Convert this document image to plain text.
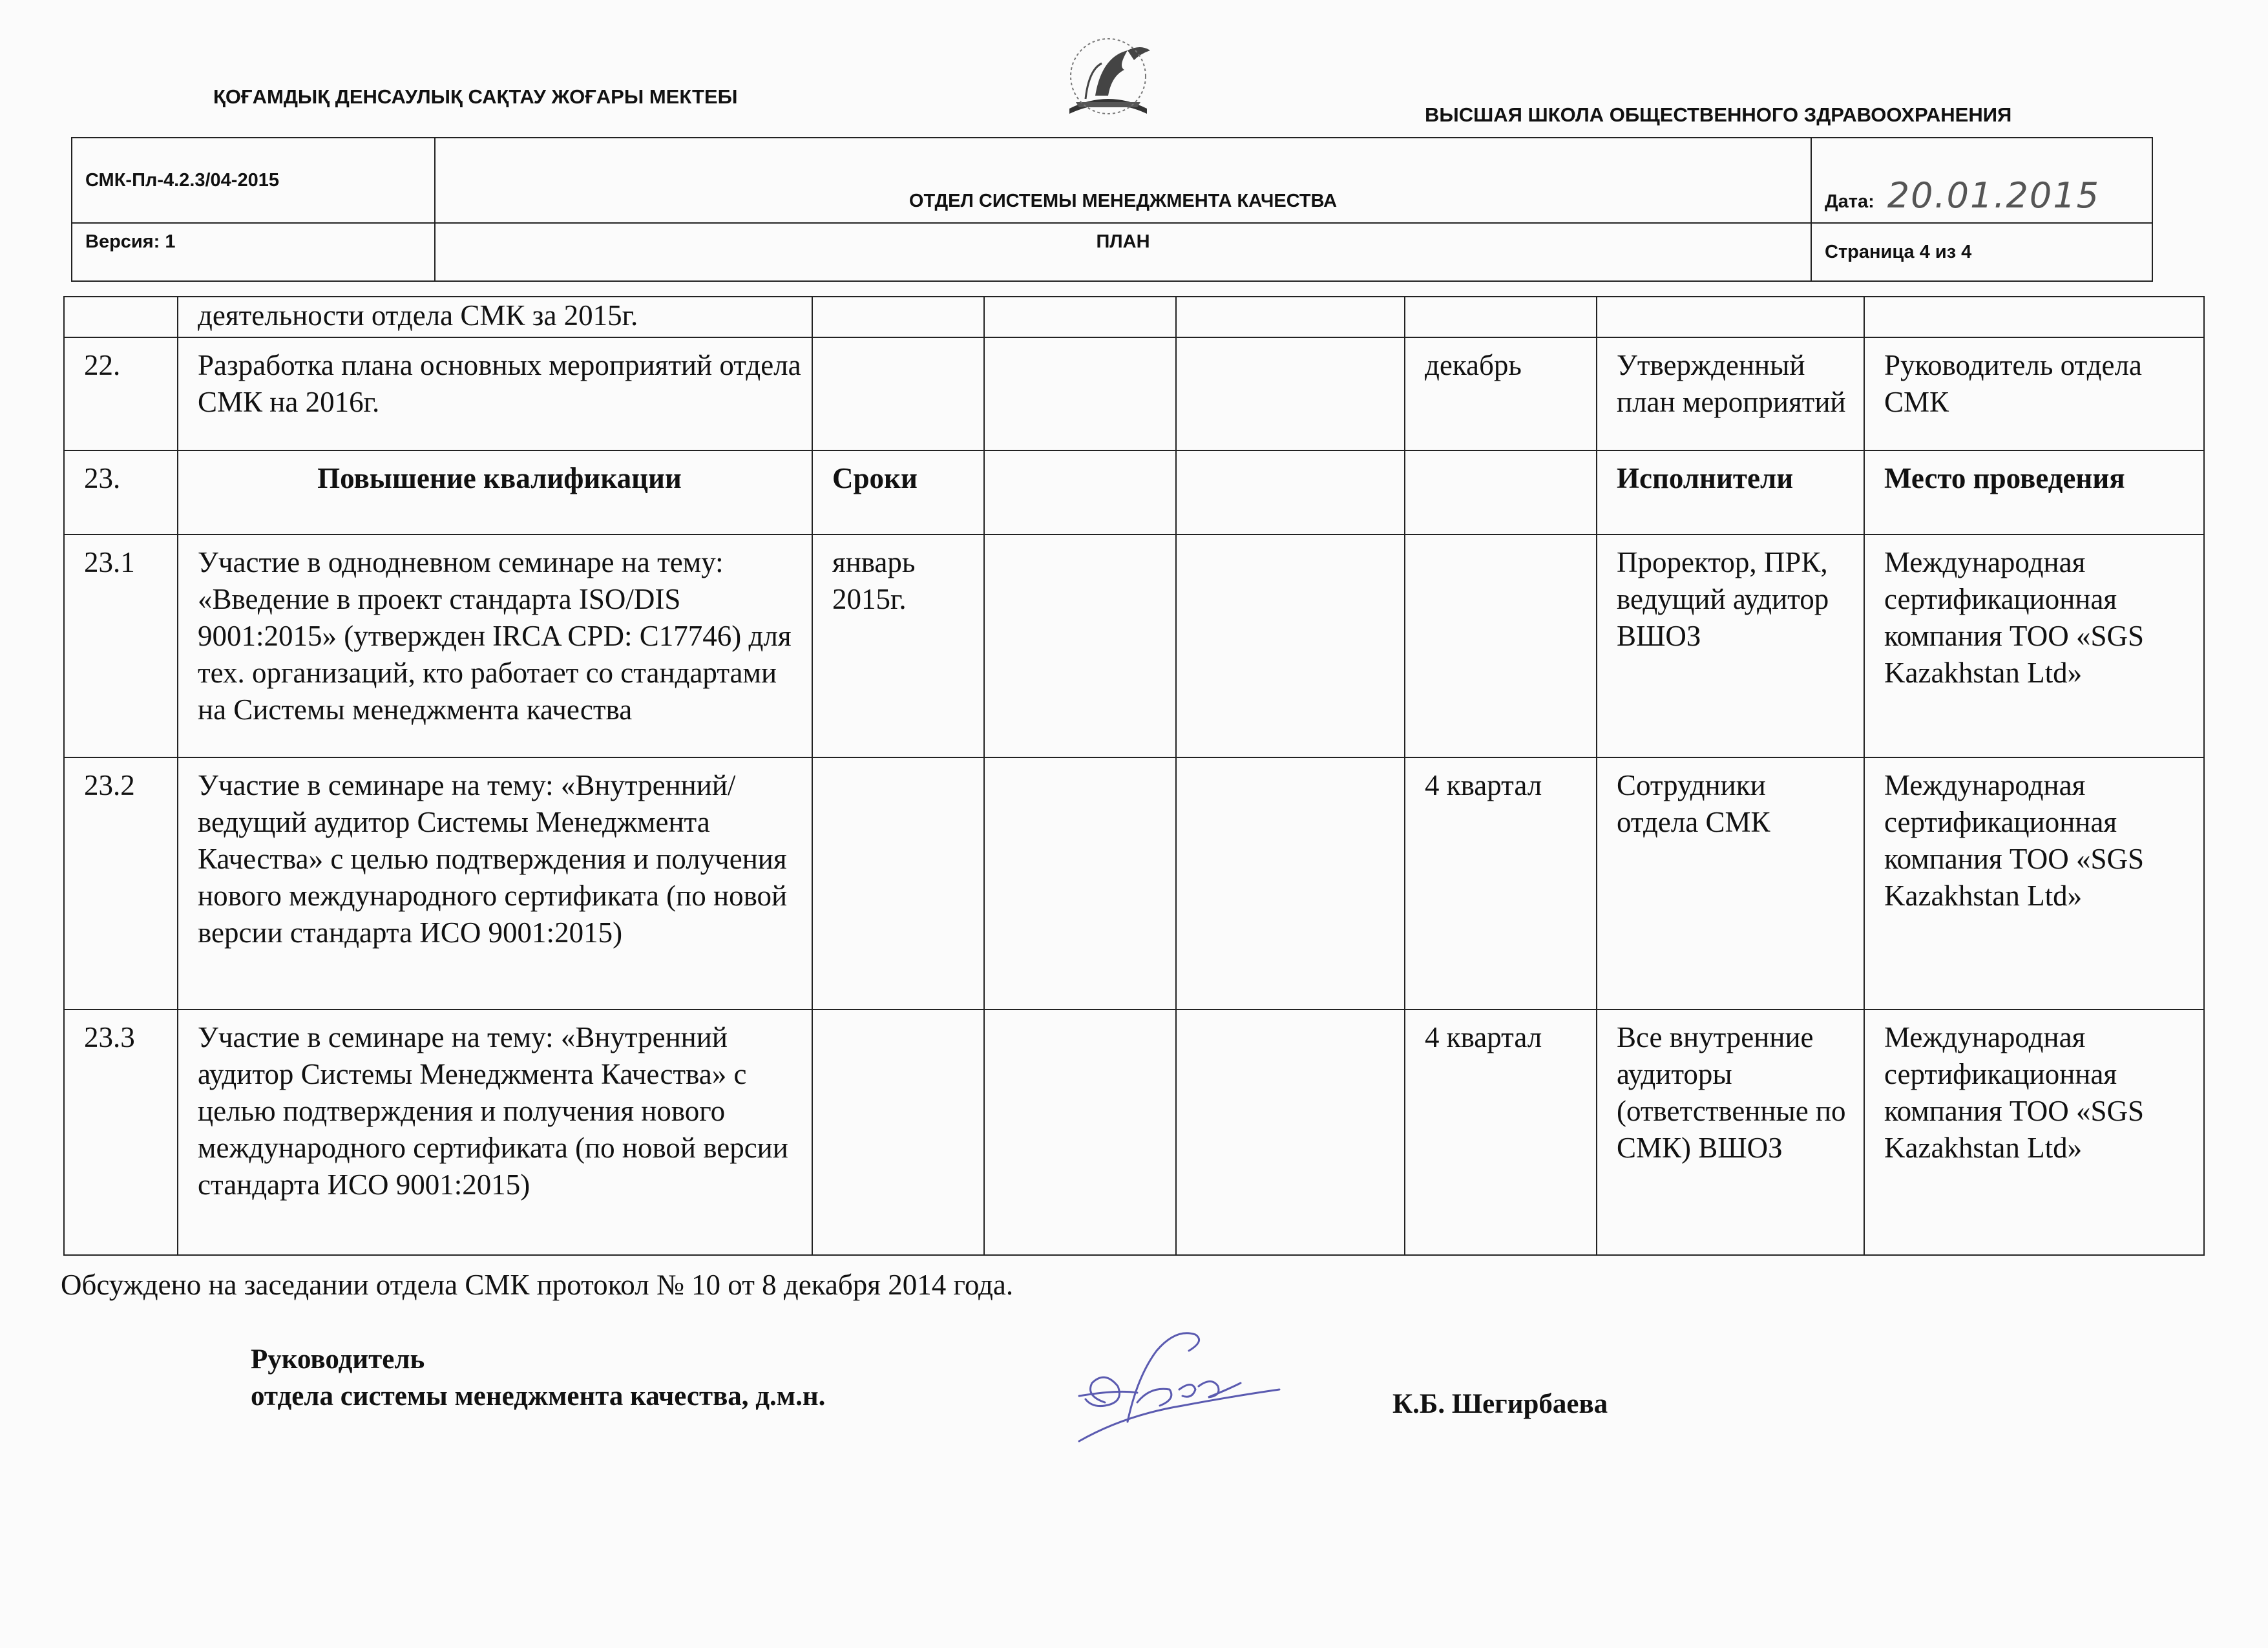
ҚОҒАМДЫҚ ДЕНСАУЛЫҚ САҚТАУ ЖОҒАРЫ МЕКТЕБІ
ВЫСШАЯ ШКОЛА ОБЩЕСТВЕННОГО ЗДРАВООХРАНЕНИЯ
СМК-Пл-4.2.3/04-2015	ОТДЕЛ СИСТЕМЫ МЕНЕДЖМЕНТА КАЧЕСТВА	Дата: 20.01.2015
Версия: 1	ПЛАН	Страница 4 из 4
	деятельности отдела СМК за 2015г.						
22.	Разработка плана основных мероприятий отдела СМК на 2016г.				декабрь	Утвержденный план мероприятий	Руководитель отдела СМК
23.	Повышение квалификации	Сроки				Исполнители	Место проведения
23.1	Участие в однодневном семинаре на тему: «Введение в проект стандарта ISO/DIS 9001:2015» (утвержден IRCA CPD: C17746) для тех. организаций, кто работает со стандартами на Системы менеджмента качества	январь 2015г.				Проректор, ПРК, ведущий аудитор ВШОЗ	Международная сертификационная компания ТОО «SGS Kazakhstan Ltd»
23.2	Участие в семинаре на тему: «Внутренний/ведущий аудитор Системы Менеджмента Качества» с целью подтверждения и получения нового международного сертификата (по новой версии стандарта ИСО 9001:2015)				4 квартал	Сотрудники отдела СМК	Международная сертификационная компания ТОО «SGS Kazakhstan Ltd»
23.3	Участие в семинаре на тему: «Внутренний аудитор Системы Менеджмента Качества» с целью подтверждения и получения нового международного сертификата (по новой версии стандарта ИСО 9001:2015)				4 квартал	Все внутренние аудиторы (ответственные по СМК) ВШОЗ	Международная сертификационная компания ТОО «SGS Kazakhstan Ltd»
Обсуждено на заседании отдела СМК протокол № 10 от 8 декабря 2014 года.
Руководитель
отдела системы менеджмента качества, д.м.н.	К.Б. Шегирбаева
